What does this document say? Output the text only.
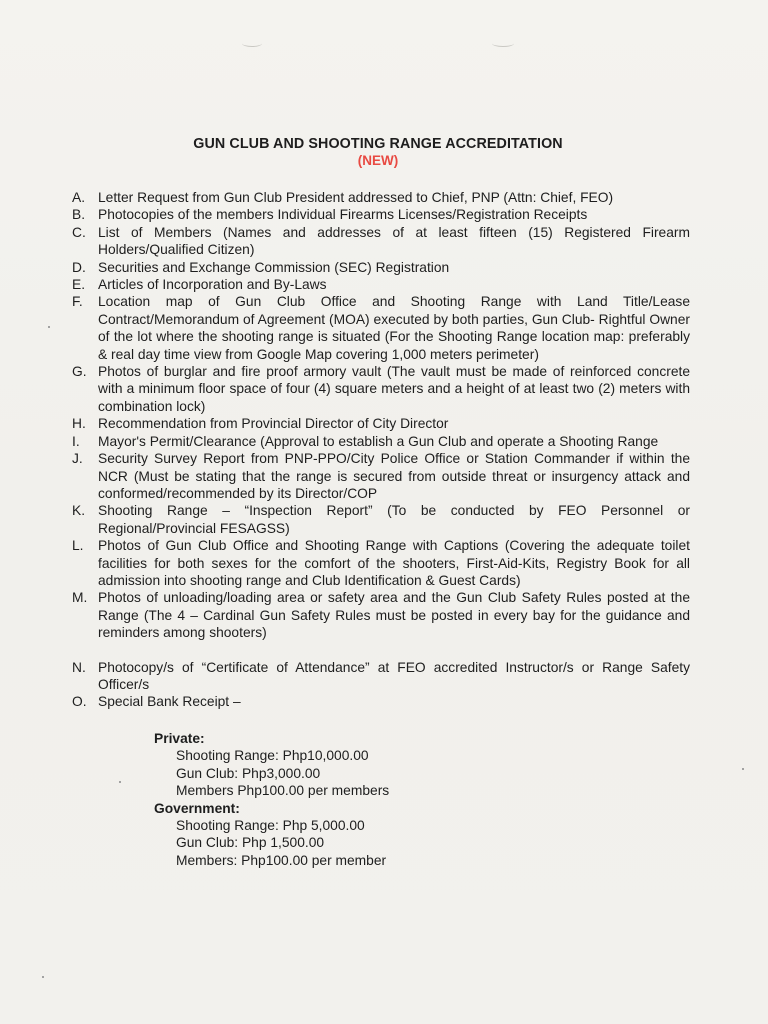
GUN CLUB AND SHOOTING RANGE ACCREDITATION
(NEW)
A. Letter Request from Gun Club President addressed to Chief, PNP (Attn: Chief, FEO)
B. Photocopies of the members Individual Firearms Licenses/Registration Receipts
C. List of Members (Names and addresses of at least fifteen (15) Registered Firearm Holders/Qualified Citizen)
D. Securities and Exchange Commission (SEC) Registration
E. Articles of Incorporation and By-Laws
F. Location map of Gun Club Office and Shooting Range with Land Title/Lease Contract/Memorandum of Agreement (MOA) executed by both parties, Gun Club- Rightful Owner of the lot where the shooting range is situated (For the Shooting Range location map: preferably & real day time view from Google Map covering 1,000 meters perimeter)
G. Photos of burglar and fire proof armory vault (The vault must be made of reinforced concrete with a minimum floor space of four (4) square meters and a height of at least two (2) meters with combination lock)
H. Recommendation from Provincial Director of City Director
I. Mayor's Permit/Clearance (Approval to establish a Gun Club and operate a Shooting Range
J. Security Survey Report from PNP-PPO/City Police Office or Station Commander if within the NCR (Must be stating that the range is secured from outside threat or insurgency attack and conformed/recommended by its Director/COP
K. Shooting Range – “Inspection Report” (To be conducted by FEO Personnel or Regional/Provincial FESAGSS)
L. Photos of Gun Club Office and Shooting Range with Captions (Covering the adequate toilet facilities for both sexes for the comfort of the shooters, First-Aid-Kits, Registry Book for all admission into shooting range and Club Identification & Guest Cards)
M. Photos of unloading/loading area or safety area and the Gun Club Safety Rules posted at the Range (The 4 – Cardinal Gun Safety Rules must be posted in every bay for the guidance and reminders among shooters)
N. Photocopy/s of “Certificate of Attendance” at FEO accredited Instructor/s or Range Safety Officer/s
O. Special Bank Receipt –
Private:
Shooting Range: Php10,000.00
Gun Club: Php3,000.00
Members Php100.00 per members
Government:
Shooting Range: Php 5,000.00
Gun Club: Php 1,500.00
Members: Php100.00 per member
